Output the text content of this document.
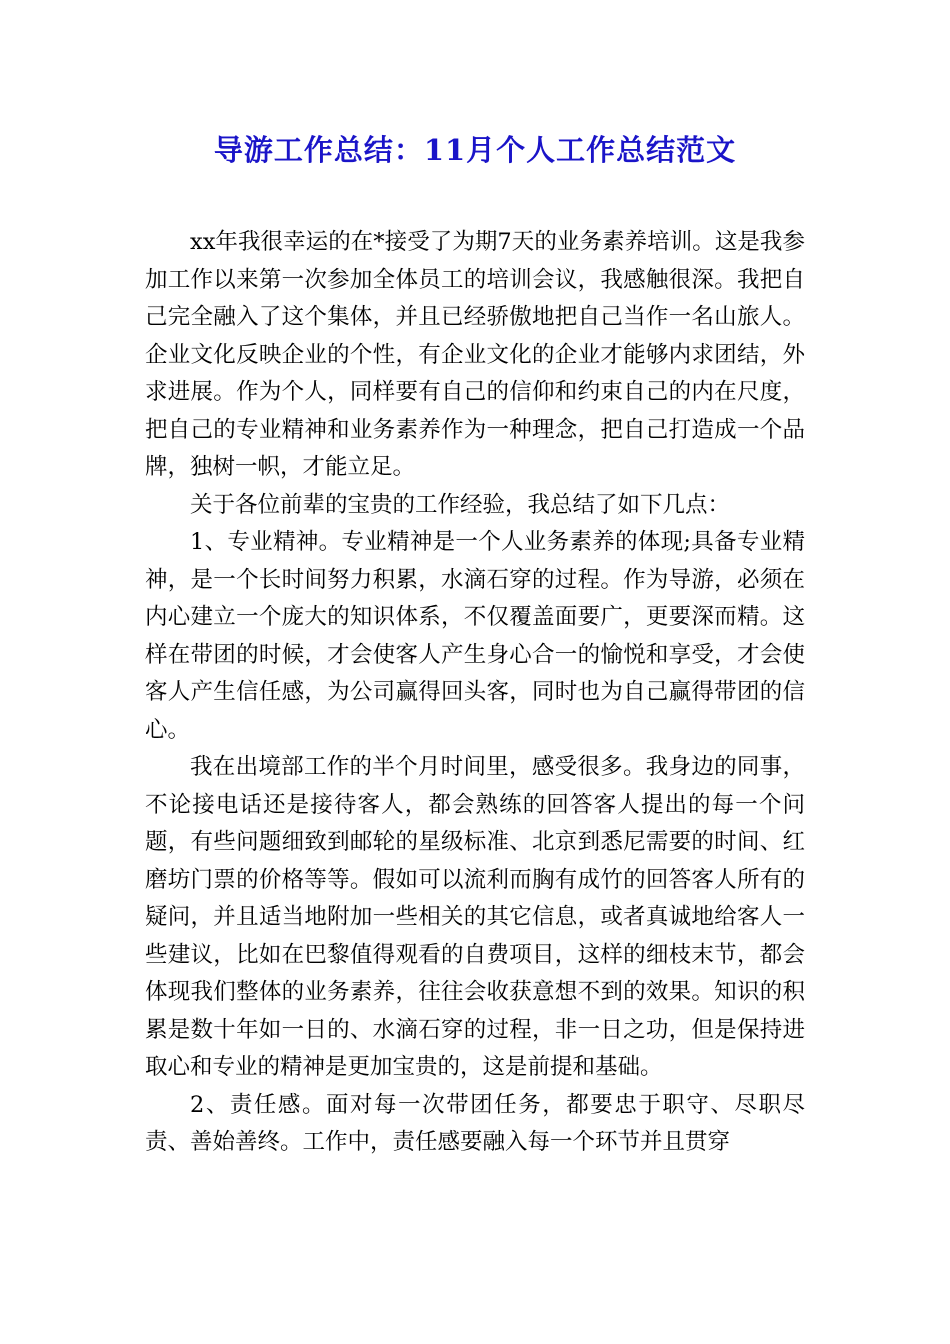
导游工作总结：11月个人工作总结范文

xx年我很幸运的在*接受了为期7天的业务素养培训。这是我参加工作以来第一次参加全体员工的培训会议，我感触很深。我把自己完全融入了这个集体，并且已经骄傲地把自己当作一名山旅人。企业文化反映企业的个性，有企业文化的企业才能够内求团结，外求进展。作为个人，同样要有自己的信仰和约束自己的内在尺度，把自己的专业精神和业务素养作为一种理念，把自己打造成一个品牌，独树一帜，才能立足。

关于各位前辈的宝贵的工作经验，我总结了如下几点：

1、专业精神。专业精神是一个人业务素养的体现;具备专业精神，是一个长时间努力积累，水滴石穿的过程。作为导游，必须在内心建立一个庞大的知识体系，不仅覆盖面要广，更要深而精。这样在带团的时候，才会使客人产生身心合一的愉悦和享受，才会使客人产生信任感，为公司赢得回头客，同时也为自己赢得带团的信心。

我在出境部工作的半个月时间里，感受很多。我身边的同事，不论接电话还是接待客人，都会熟练的回答客人提出的每一个问题，有些问题细致到邮轮的星级标准、北京到悉尼需要的时间、红磨坊门票的价格等等。假如可以流利而胸有成竹的回答客人所有的疑问，并且适当地附加一些相关的其它信息，或者真诚地给客人一些建议，比如在巴黎值得观看的自费项目，这样的细枝末节，都会体现我们整体的业务素养，往往会收获意想不到的效果。知识的积累是数十年如一日的、水滴石穿的过程，非一日之功，但是保持进取心和专业的精神是更加宝贵的，这是前提和基础。

2、责任感。面对每一次带团任务，都要忠于职守、尽职尽责、善始善终。工作中，责任感要融入每一个环节并且贯穿
